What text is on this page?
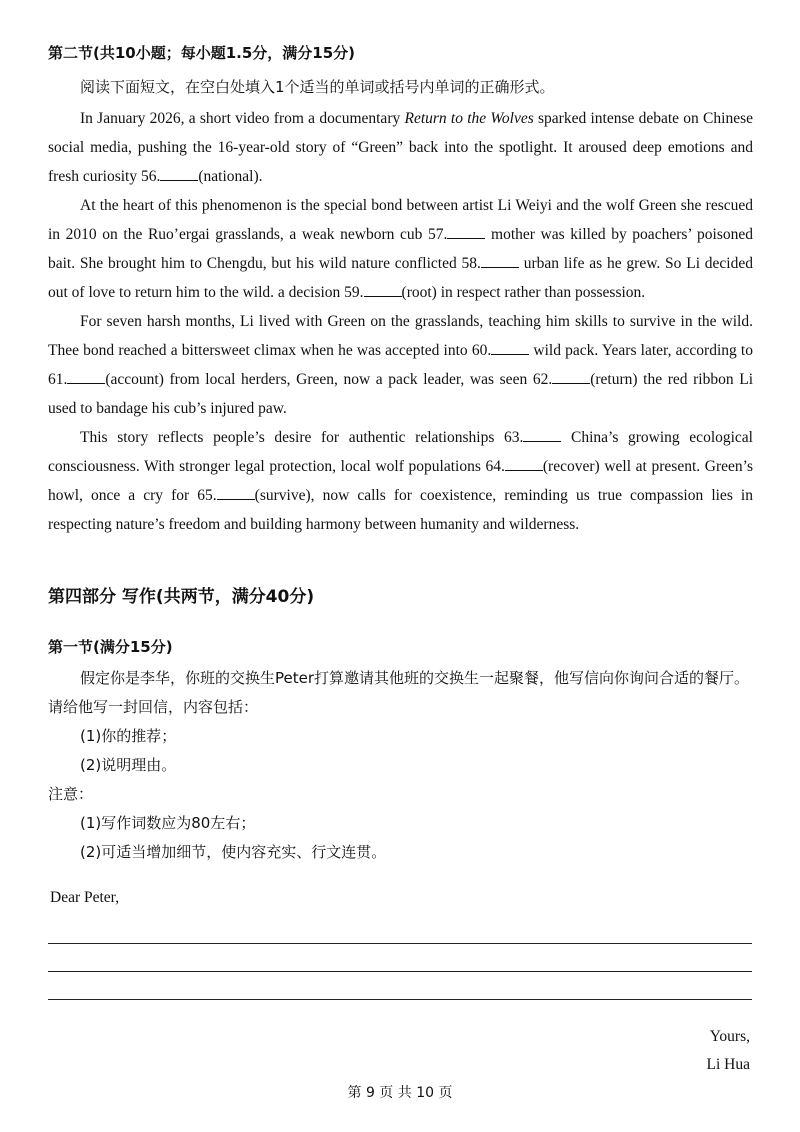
第二节(共10小题；每小题1.5分，满分15分)
阅读下面短文，在空白处填入1个适当的单词或括号内单词的正确形式。

In January 2026, a short video from a documentary Return to the Wolves sparked intense debate on Chinese social media, pushing the 16-year-old story of “Green” back into the spotlight. It aroused deep emotions and fresh curiosity 56. (national).

At the heart of this phenomenon is the special bond between artist Li Weiyi and the wolf Green she rescued in 2010 on the Ruo’ergai grasslands, a weak newborn cub 57. mother was killed by poachers’ poisoned bait. She brought him to Chengdu, but his wild nature conflicted 58. urban life as he grew. So Li decided out of love to return him to the wild. a decision 59. (root) in respect rather than possession.

For seven harsh months, Li lived with Green on the grasslands, teaching him skills to survive in the wild. Thee bond reached a bittersweet climax when he was accepted into 60. wild pack. Years later, according to 61. (account) from local herders, Green, now a pack leader, was seen 62. (return) the red ribbon Li used to bandage his cub’s injured paw.

This story reflects people’s desire for authentic relationships 63. China’s growing ecological consciousness. With stronger legal protection, local wolf populations 64. (recover) well at present. Green’s howl, once a cry for 65. (survive), now calls for coexistence, reminding us true compassion lies in respecting nature’s freedom and building harmony between humanity and wilderness.

第四部分 写作(共两节，满分40分)
第一节(满分15分)

假定你是李华，你班的交换生Peter打算邀请其他班的交换生一起聚餐，他写信向你询问合适的餐厅。请给他写一封回信，内容包括：

(1)你的推荐；

(2)说明理由。

注意：

(1)写作词数应为80左右；

(2)可适当增加细节，使内容充实、行文连贯。

Dear Peter,
Yours,
Li Hua
第 9 页 共 10 页
